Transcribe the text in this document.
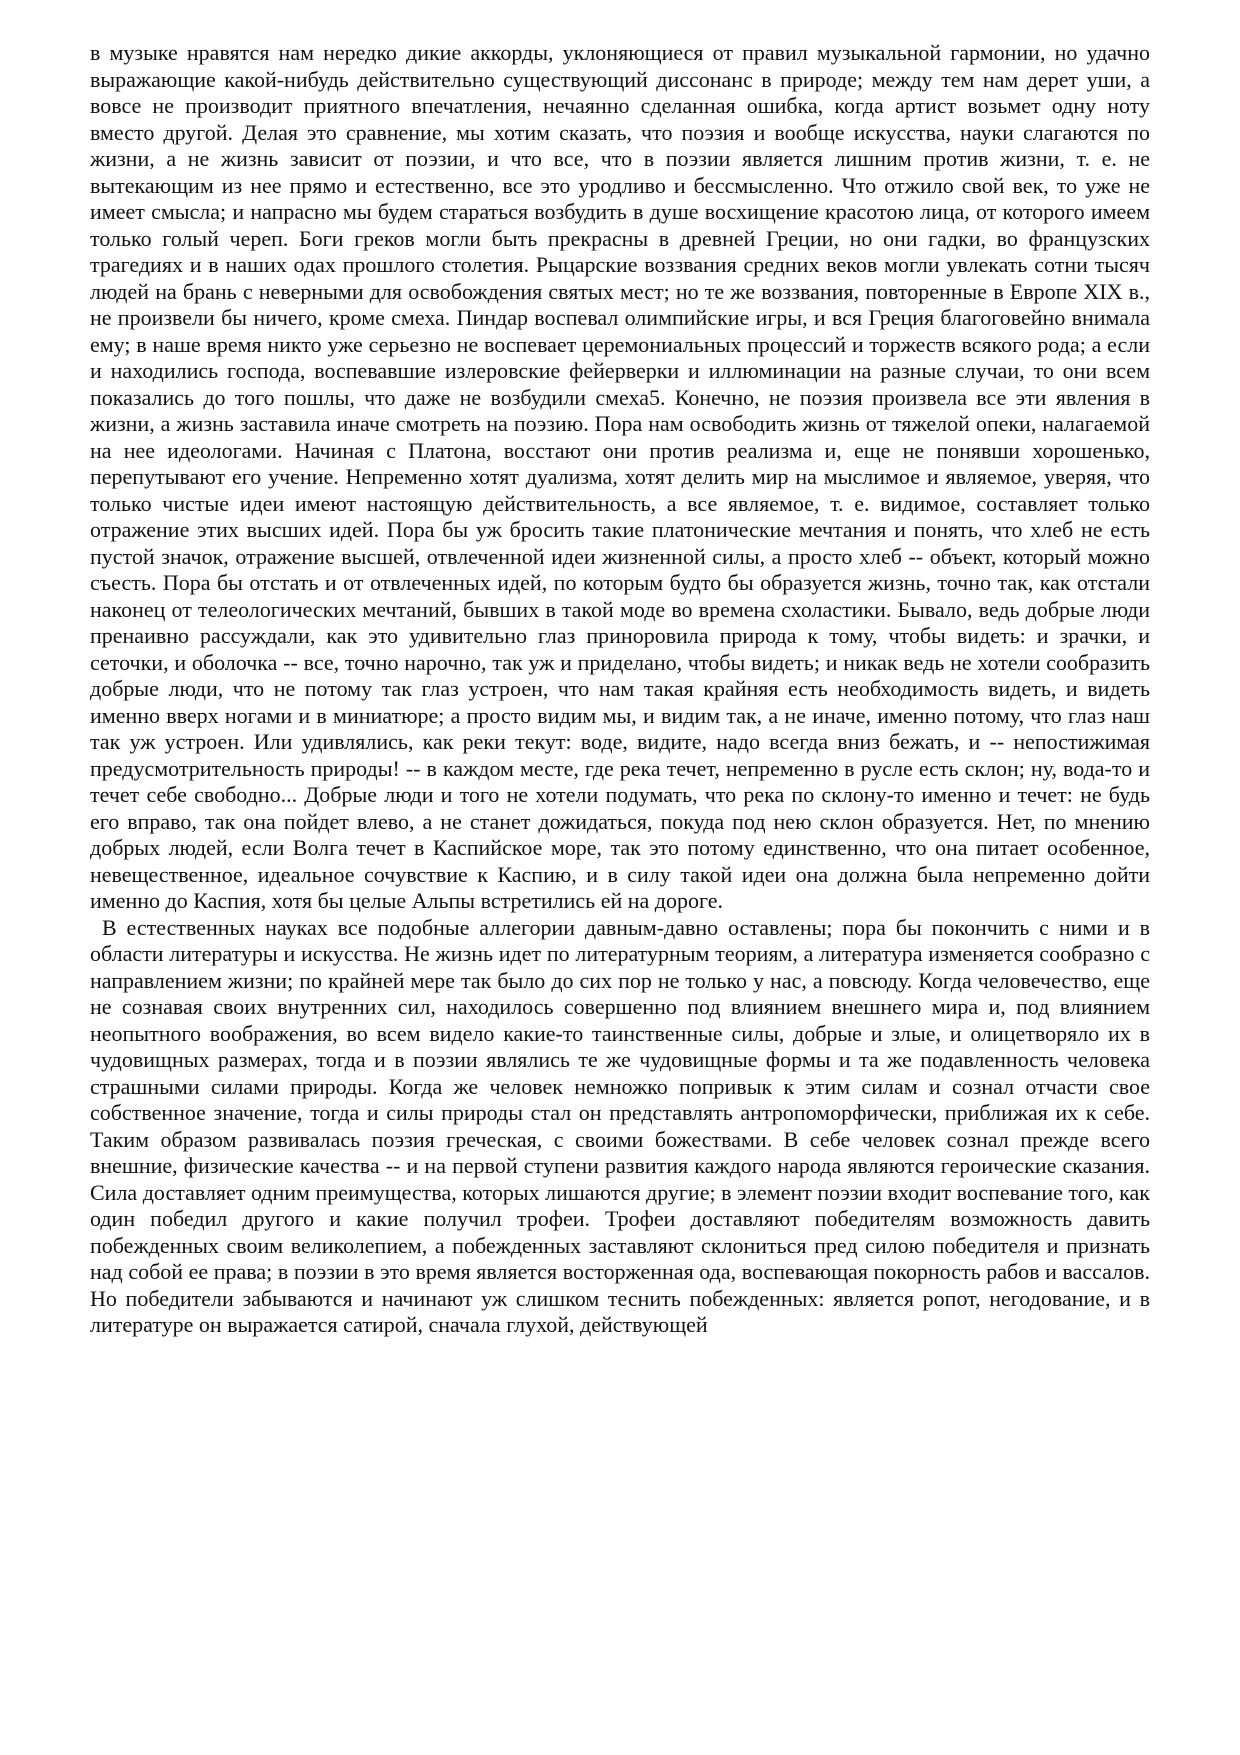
в музыке нравятся нам нередко дикие аккорды, уклоняющиеся от правил музыкальной гармонии, но удачно выражающие какой-нибудь действительно существующий диссонанс в природе; между тем нам дерет уши, а вовсе не производит приятного впечатления, нечаянно сделанная ошибка, когда артист возьмет одну ноту вместо другой. Делая это сравнение, мы хотим сказать, что поэзия и вообще искусства, науки слагаются по жизни, а не жизнь зависит от поэзии, и что все, что в поэзии является лишним против жизни, т. е. не вытекающим из нее прямо и естественно, все это уродливо и бессмысленно. Что отжило свой век, то уже не имеет смысла; и напрасно мы будем стараться возбудить в душе восхищение красотою лица, от которого имеем только голый череп. Боги греков могли быть прекрасны в древней Греции, но они гадки, во французских трагедиях и в наших одах прошлого столетия. Рыцарские воззвания средних веков могли увлекать сотни тысяч людей на брань с неверными для освобождения святых мест; но те же воззвания, повторенные в Европе XIX в., не произвели бы ничего, кроме смеха. Пиндар воспевал олимпийские игры, и вся Греция благоговейно внимала ему; в наше время никто уже серьезно не воспевает церемониальных процессий и торжеств всякого рода; а если и находились господа, воспевавшие излеровские фейерверки и иллюминации на разные случаи, то они всем показались до того пошлы, что даже не возбудили смеха5. Конечно, не поэзия произвела все эти явления в жизни, а жизнь заставила иначе смотреть на поэзию. Пора нам освободить жизнь от тяжелой опеки, налагаемой на нее идеологами. Начиная с Платона, восстают они против реализма и, еще не понявши хорошенько, перепутывают его учение. Непременно хотят дуализма, хотят делить мир на мыслимое и являемое, уверяя, что только чистые идеи имеют настоящую действительность, а все являемое, т. е. видимое, составляет только отражение этих высших идей. Пора бы уж бросить такие платонические мечтания и понять, что хлеб не есть пустой значок, отражение высшей, отвлеченной идеи жизненной силы, а просто хлеб -- объект, который можно съесть. Пора бы отстать и от отвлеченных идей, по которым будто бы образуется жизнь, точно так, как отстали наконец от телеологических мечтаний, бывших в такой моде во времена схоластики. Бывало, ведь добрые люди пренаивно рассуждали, как это удивительно глаз приноровила природа к тому, чтобы видеть: и зрачки, и сеточки, и оболочка -- все, точно нарочно, так уж и приделано, чтобы видеть; и никак ведь не хотели сообразить добрые люди, что не потому так глаз устроен, что нам такая крайняя есть необходимость видеть, и видеть именно вверх ногами и в миниатюре; а просто видим мы, и видим так, а не иначе, именно потому, что глаз наш так уж устроен. Или удивлялись, как реки текут: воде, видите, надо всегда вниз бежать, и -- непостижимая предусмотрительность природы! -- в каждом месте, где река течет, непременно в русле есть склон; ну, вода-то и течет себе свободно... Добрые люди и того не хотели подумать, что река по склону-то именно и течет: не будь его вправо, так она пойдет влево, а не станет дожидаться, покуда под нею склон образуется. Нет, по мнению добрых людей, если Волга течет в Каспийское море, так это потому единственно, что она питает особенное, невещественное, идеальное сочувствие к Каспию, и в силу такой идеи она должна была непременно дойти именно до Каспия, хотя бы целые Альпы встретились ей на дороге.

В естественных науках все подобные аллегории давным-давно оставлены; пора бы покончить с ними и в области литературы и искусства. Не жизнь идет по литературным теориям, а литература изменяется сообразно с направлением жизни; по крайней мере так было до сих пор не только у нас, а повсюду. Когда человечество, еще не сознавая своих внутренних сил, находилось совершенно под влиянием внешнего мира и, под влиянием неопытного воображения, во всем видело какие-то таинственные силы, добрые и злые, и олицетворяло их в чудовищных размерах, тогда и в поэзии являлись те же чудовищные формы и та же подавленность человека страшными силами природы. Когда же человек немножко попривык к этим силам и сознал отчасти свое собственное значение, тогда и силы природы стал он представлять антропоморфически, приближая их к себе. Таким образом развивалась поэзия греческая, с своими божествами. В себе человек сознал прежде всего внешние, физические качества -- и на первой ступени развития каждого народа являются героические сказания. Сила доставляет одним преимущества, которых лишаются другие; в элемент поэзии входит воспевание того, как один победил другого и какие получил трофеи. Трофеи доставляют победителям возможность давить побежденных своим великолепием, а побежденных заставляют склониться пред силою победителя и признать над собой ее права; в поэзии в это время является восторженная ода, воспевающая покорность рабов и вассалов. Но победители забываются и начинают уж слишком теснить побежденных: является ропот, негодование, и в литературе он выражается сатирой, сначала глухой, действующей
